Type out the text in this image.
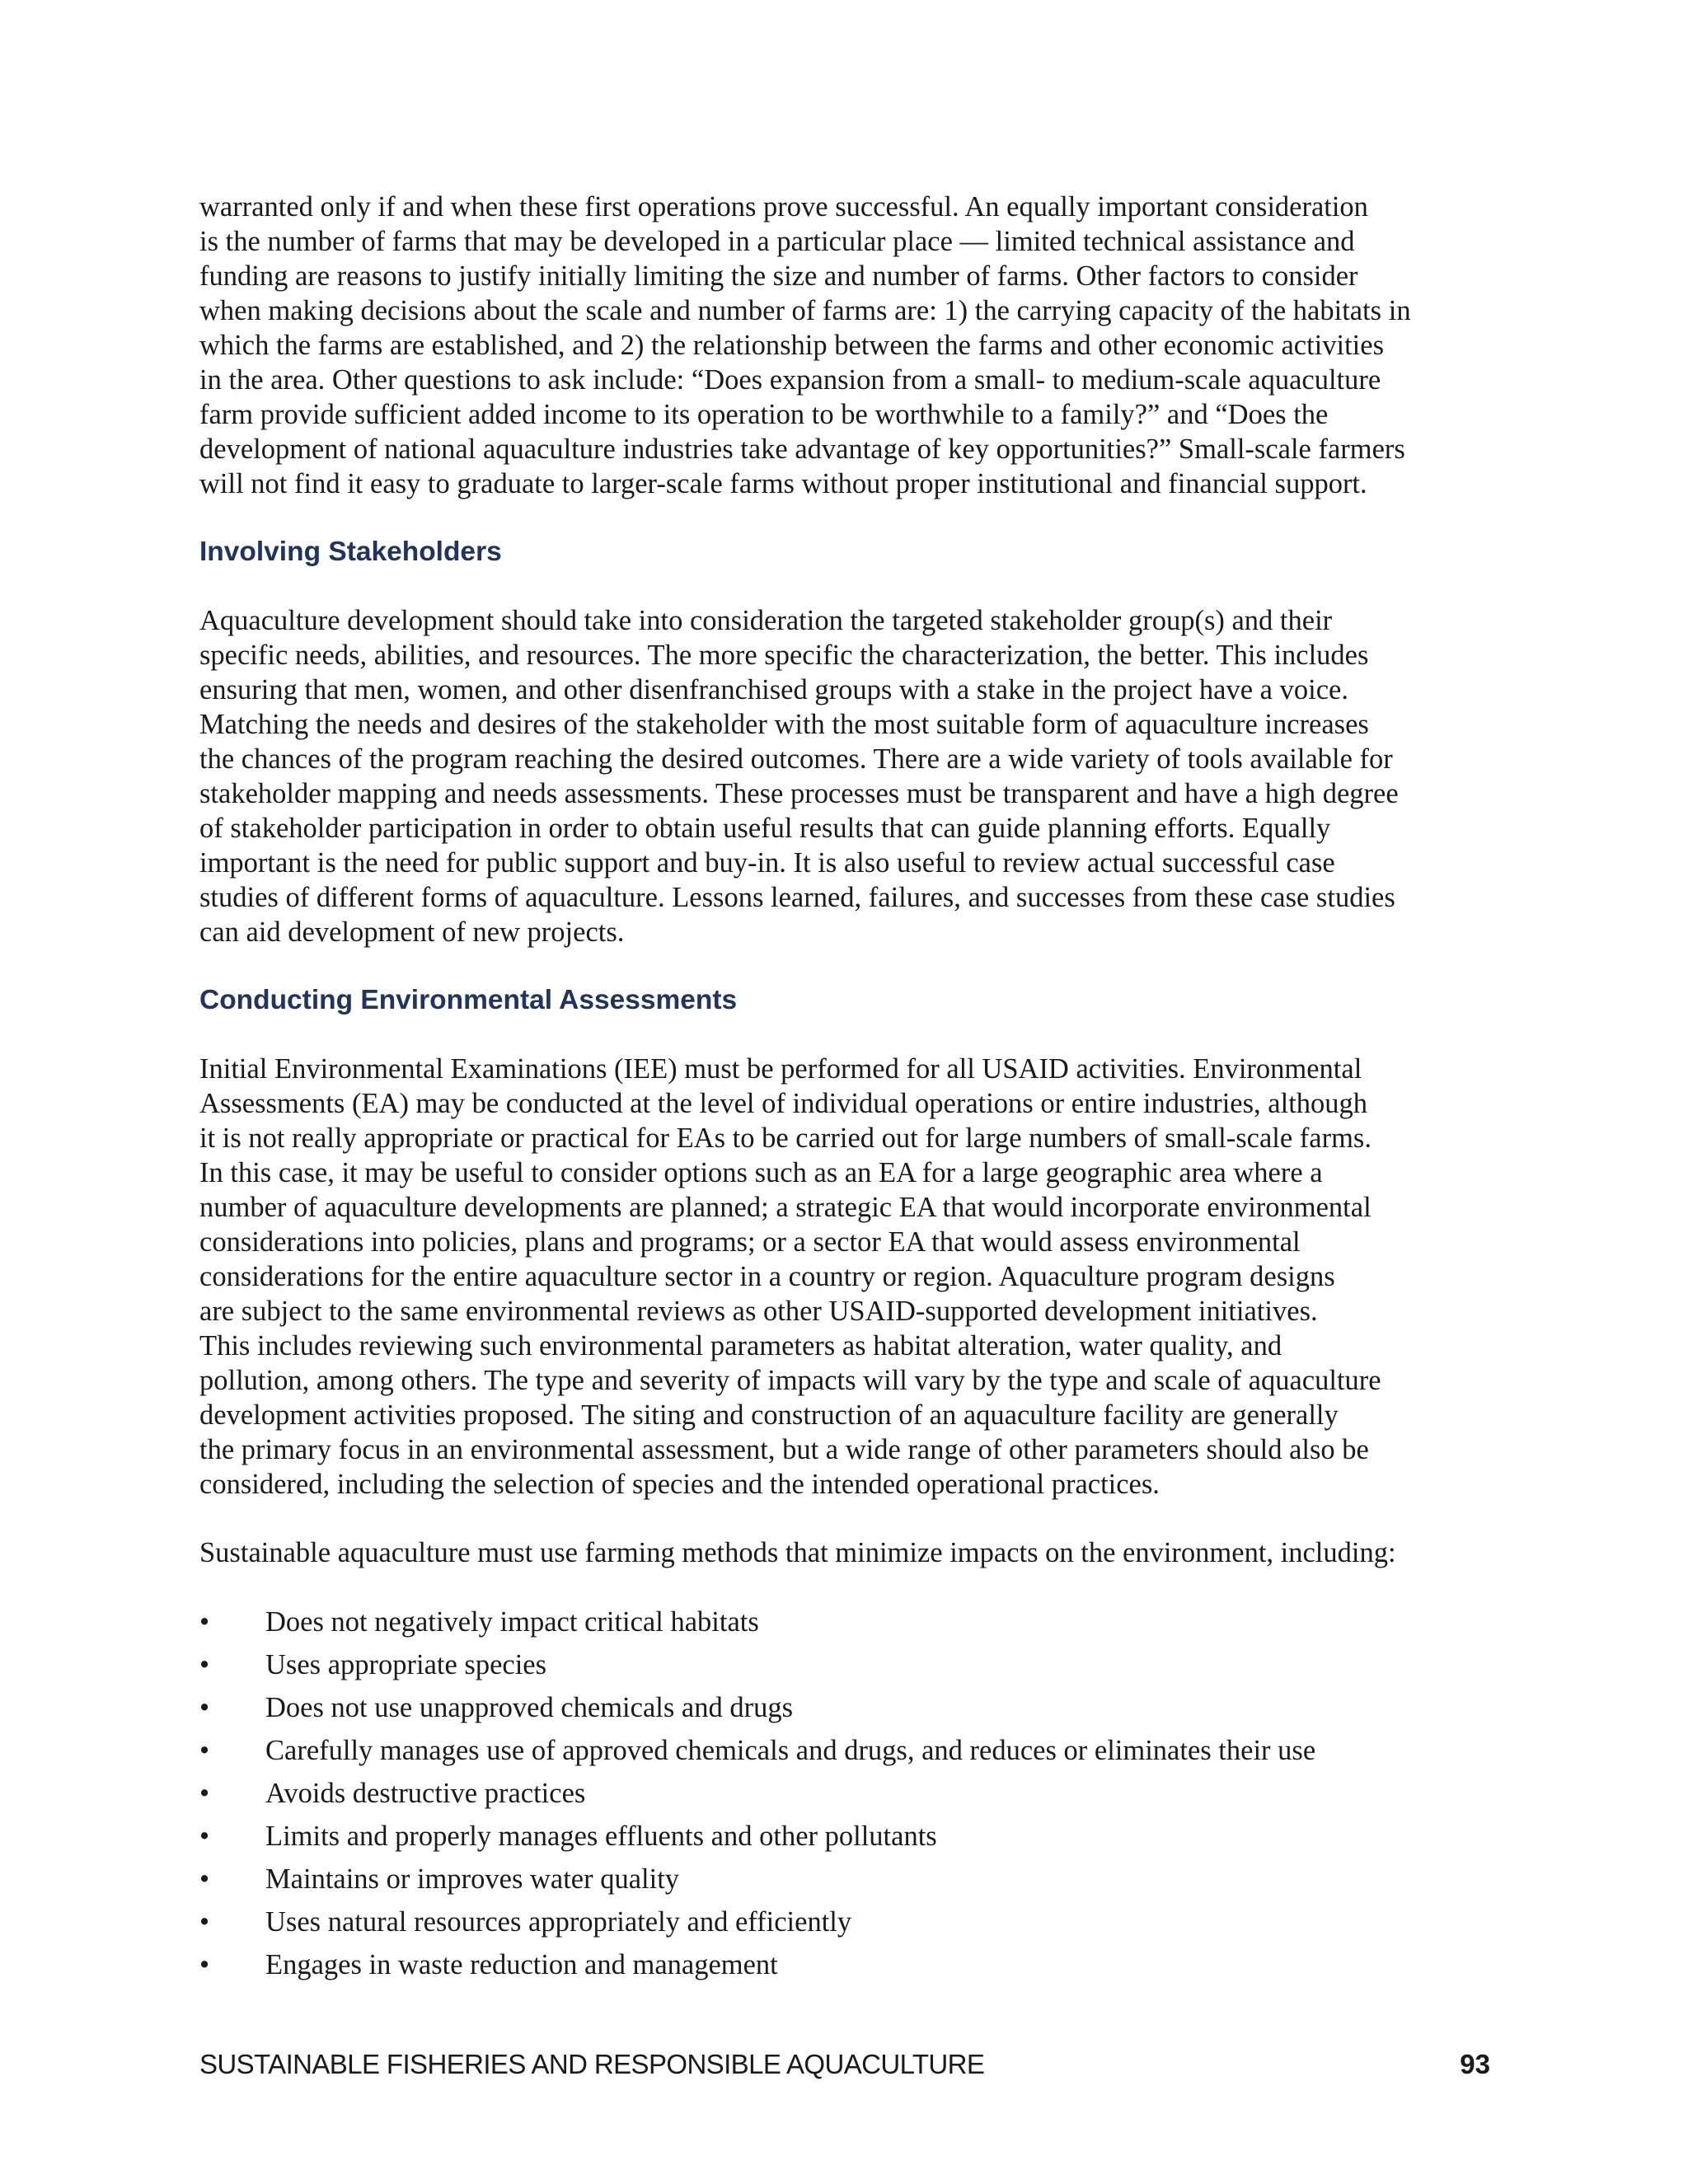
warranted only if and when these first operations prove successful. An equally important consideration
is the number of farms that may be developed in a particular place — limited technical assistance and
funding are reasons to justify initially limiting the size and number of farms. Other factors to consider
when making decisions about the scale and number of farms are: 1) the carrying capacity of the habitats in
which the farms are established, and 2) the relationship between the farms and other economic activities
in the area. Other questions to ask include: “Does expansion from a small- to medium-scale aquaculture
farm provide sufficient added income to its operation to be worthwhile to a family?” and “Does the
development of national aquaculture industries take advantage of key opportunities?” Small-scale farmers
will not find it easy to graduate to larger-scale farms without proper institutional and financial support.

Involving Stakeholders

Aquaculture development should take into consideration the targeted stakeholder group(s) and their
specific needs, abilities, and resources. The more specific the characterization, the better. This includes
ensuring that men, women, and other disenfranchised groups with a stake in the project have a voice.
Matching the needs and desires of the stakeholder with the most suitable form of aquaculture increases
the chances of the program reaching the desired outcomes. There are a wide variety of tools available for
stakeholder mapping and needs assessments. These processes must be transparent and have a high degree
of stakeholder participation in order to obtain useful results that can guide planning efforts. Equally
important is the need for public support and buy-in. It is also useful to review actual successful case
studies of different forms of aquaculture. Lessons learned, failures, and successes from these case studies
can aid development of new projects.

Conducting Environmental Assessments

Initial Environmental Examinations (IEE) must be performed for all USAID activities. Environmental
Assessments (EA) may be conducted at the level of individual operations or entire industries, although
it is not really appropriate or practical for EAs to be carried out for large numbers of small-scale farms.
In this case, it may be useful to consider options such as an EA for a large geographic area where a
number of aquaculture developments are planned; a strategic EA that would incorporate environmental
considerations into policies, plans and programs; or a sector EA that would assess environmental
considerations for the entire aquaculture sector in a country or region. Aquaculture program designs
are subject to the same environmental reviews as other USAID-supported development initiatives.
This includes reviewing such environmental parameters as habitat alteration, water quality, and
pollution, among others. The type and severity of impacts will vary by the type and scale of aquaculture
development activities proposed. The siting and construction of an aquaculture facility are generally
the primary focus in an environmental assessment, but a wide range of other parameters should also be
considered, including the selection of species and the intended operational practices.

Sustainable aquaculture must use farming methods that minimize impacts on the environment, including:

•	Does not negatively impact critical habitats
•	Uses appropriate species
•	Does not use unapproved chemicals and drugs
•	Carefully manages use of approved chemicals and drugs, and reduces or eliminates their use
•	Avoids destructive practices
•	Limits and properly manages effluents and other pollutants
•	Maintains or improves water quality
•	Uses natural resources appropriately and efficiently
•	Engages in waste reduction and management
SUSTAINABLE FISHERIES AND RESPONSIBLE AQUACULTURE	93
